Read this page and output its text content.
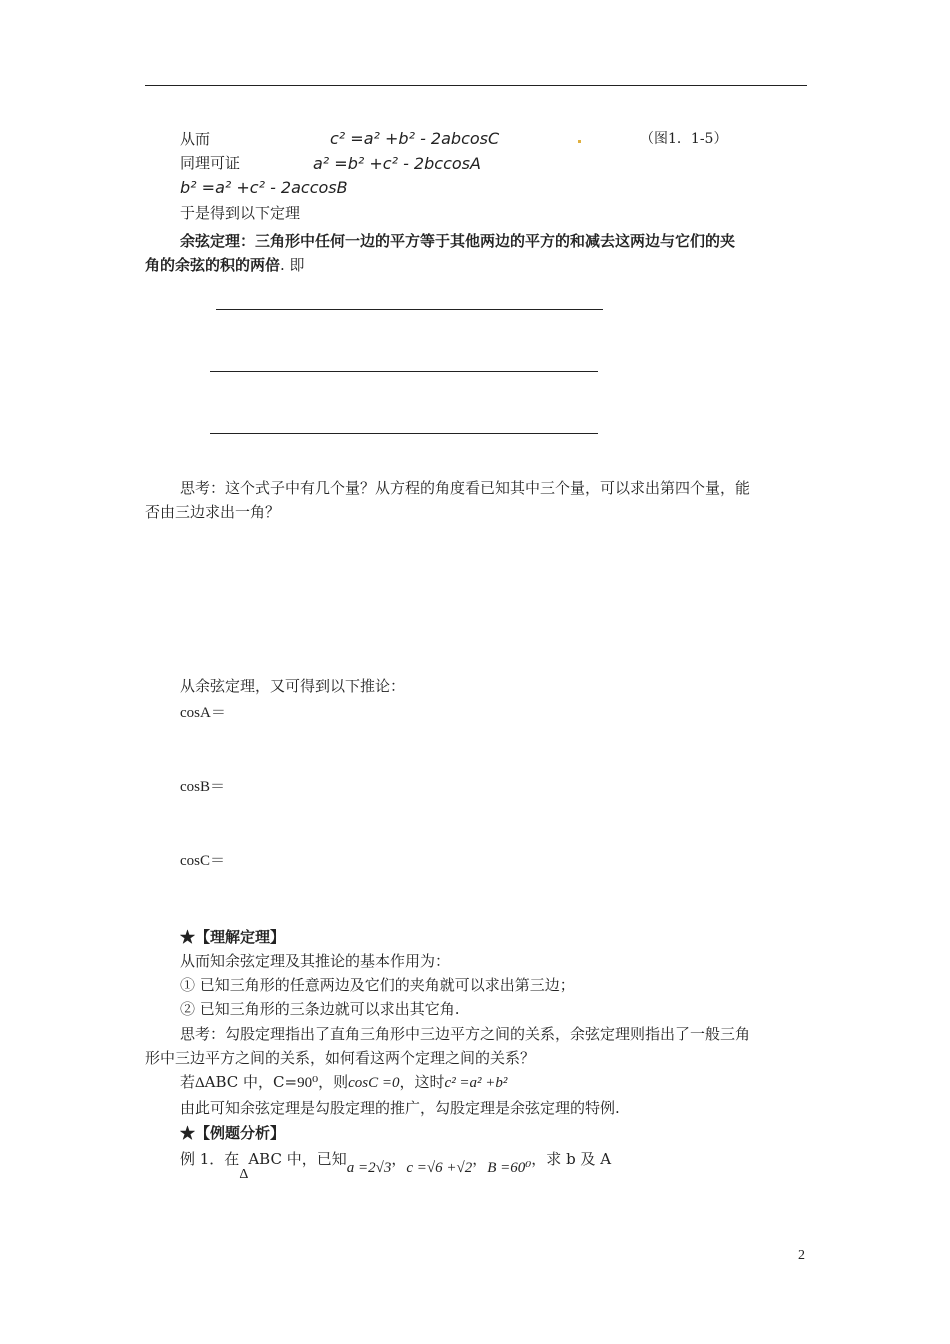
从而	c² =a² +b² - 2abcosC	（图1．1-5）
同理可证	a² =b² +c² - 2bccosA
b² =a² +c² - 2accosB
于是得到以下定理
余弦定理：三角形中任何一边的平方等于其他两边的平方的和减去这两边与它们的夹
角的余弦的积的两倍. 即
思考：这个式子中有几个量？从方程的角度看已知其中三个量，可以求出第四个量，能
否由三边求出一角？
从余弦定理，又可得到以下推论：
cosA＝
cosB＝
cosC＝
★【理解定理】
从而知余弦定理及其推论的基本作用为：
① 已知三角形的任意两边及它们的夹角就可以求出第三边；
② 已知三角形的三条边就可以求出其它角.
思考：勾股定理指出了直角三角形中三边平方之间的关系，余弦定理则指出了一般三角
形中三边平方之间的关系，如何看这两个定理之间的关系？
若ΔABC 中，C=90⁰，则cosC =0，这时c² =a² +b²
由此可知余弦定理是勾股定理的推广，勾股定理是余弦定理的特例.
★【例题分析】
例 1．在ΔABC 中，已知a =2√3，c =√6 +√2，B =60⁰，求 b 及 A
2
